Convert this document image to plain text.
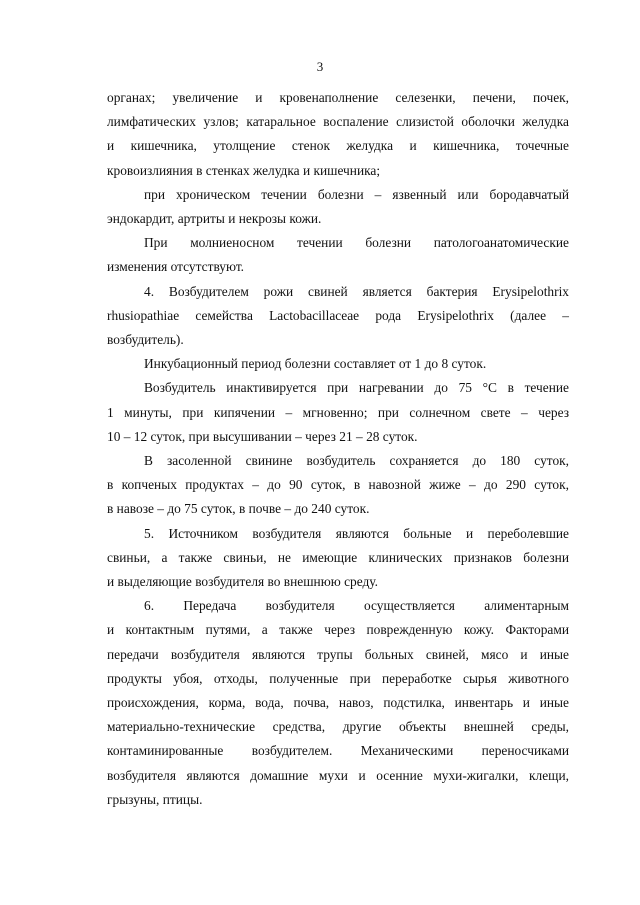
3
органах; увеличение и кровенаполнение селезенки, печени, почек,
лимфатических узлов; катаральное воспаление слизистой оболочки желудка
и кишечника, утолщение стенок желудка и кишечника, точечные
кровоизлияния в стенках желудка и кишечника;
при хроническом течении болезни – язвенный или бородавчатый
эндокардит, артриты и некрозы кожи.
При молниеносном течении болезни патологоанатомические
изменения отсутствуют.
4. Возбудителем рожи свиней является бактерия Erysipelothrix
rhusiopathiae семейства Lactobacillaceae рода Erysipelothrix (далее –
возбудитель).
Инкубационный период болезни составляет от 1 до 8 суток.
Возбудитель инактивируется при нагревании до 75 °С в течение
1 минуты, при кипячении – мгновенно; при солнечном свете – через
10 – 12 суток, при высушивании – через 21 – 28 суток.
В засоленной свинине возбудитель сохраняется до 180 суток,
в копченых продуктах – до 90 суток, в навозной жиже – до 290 суток,
в навозе – до 75 суток, в почве – до 240 суток.
5. Источником возбудителя являются больные и переболевшие
свиньи, а также свиньи, не имеющие клинических признаков болезни
и выделяющие возбудителя во внешнюю среду.
6. Передача возбудителя осуществляется алиментарным
и контактным путями, а также через поврежденную кожу. Факторами
передачи возбудителя являются трупы больных свиней, мясо и иные
продукты убоя, отходы, полученные при переработке сырья животного
происхождения, корма, вода, почва, навоз, подстилка, инвентарь и иные
материально-технические средства, другие объекты внешней среды,
контаминированные возбудителем. Механическими переносчиками
возбудителя являются домашние мухи и осенние мухи-жигалки, клещи,
грызуны, птицы.
